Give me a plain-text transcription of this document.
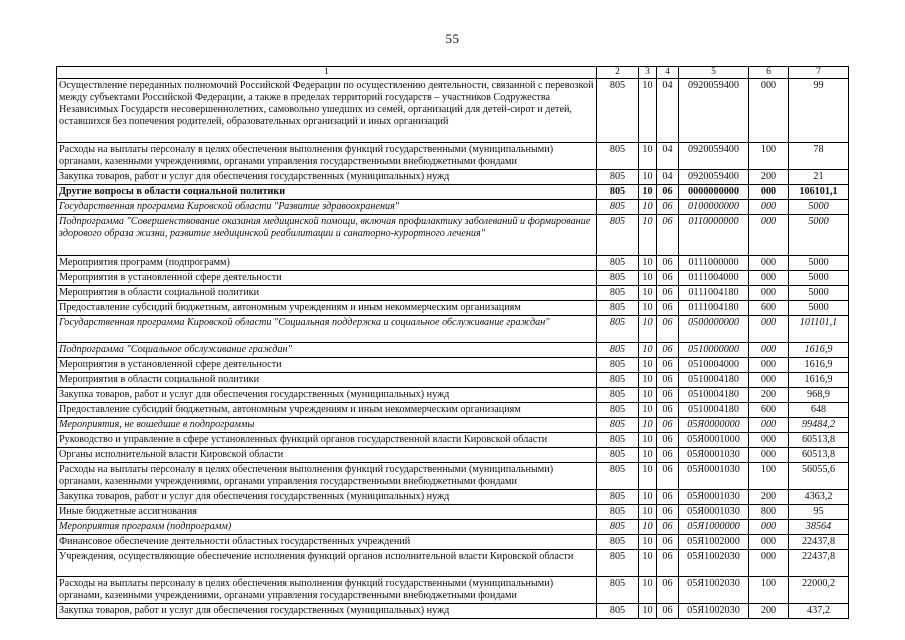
55
1	2	3	4	5	6	7
Осуществление переданных полномочий Российской Федерации по осуществлению деятельности, связанной с перевозкой между субъектами Российской Федерации, а также в пределах территорий государств – участников Содружества Независимых Государств несовершеннолетних, самовольно ушедших из семей, организаций для детей-сирот и детей, оставшихся без попечения родителей, образовательных организаций и иных организаций	805	10	04	0920059400	000	99
Расходы на выплаты персоналу в целях обеспечения выполнения функций государственными (муниципальными) органами, казенными учреждениями, органами управления государственными внебюджетными фондами	805	10	04	0920059400	100	78
Закупка товаров, работ и услуг для обеспечения государственных (муниципальных) нужд	805	10	04	0920059400	200	21
Другие вопросы в области социальной политики	805	10	06	0000000000	000	106101,1
Государственная программа Кировской области "Развитие здравоохранения"	805	10	06	0100000000	000	5000
Подпрограмма "Совершенствование оказания медицинской помощи, включая профилактику заболеваний и формирование здорового образа жизни, развитие медицинской реабилитации и санаторно-курортного лечения"	805	10	06	0110000000	000	5000
Мероприятия программ (подпрограмм)	805	10	06	0111000000	000	5000
Мероприятия в установленной сфере деятельности	805	10	06	0111004000	000	5000
Мероприятия в области социальной политики	805	10	06	0111004180	000	5000
Предоставление субсидий бюджетным, автономным учреждениям и иным некоммерческим организациям	805	10	06	0111004180	600	5000
Государственная программа Кировской области "Социальная поддержка и социальное обслуживание граждан"	805	10	06	0500000000	000	101101,1
Подпрограмма "Социальное обслуживание граждан"	805	10	06	0510000000	000	1616,9
Мероприятия в установленной сфере деятельности	805	10	06	0510004000	000	1616,9
Мероприятия в области социальной политики	805	10	06	0510004180	000	1616,9
Закупка товаров, работ и услуг для обеспечения государственных (муниципальных) нужд	805	10	06	0510004180	200	968,9
Предоставление субсидий бюджетным, автономным учреждениям и иным некоммерческим организациям	805	10	06	0510004180	600	648
Мероприятия, не вошедшие в подпрограммы	805	10	06	05Я0000000	000	99484,2
Руководство и управление в сфере установленных функций органов государственной власти Кировской области	805	10	06	05Я0001000	000	60513,8
Органы исполнительной власти Кировской области	805	10	06	05Я0001030	000	60513,8
Расходы на выплаты персоналу в целях обеспечения выполнения функций государственными (муниципальными) органами, казенными учреждениями, органами управления государственными внебюджетными фондами	805	10	06	05Я0001030	100	56055,6
Закупка товаров, работ и услуг для обеспечения государственных (муниципальных) нужд	805	10	06	05Я0001030	200	4363,2
Иные бюджетные ассигнования	805	10	06	05Я0001030	800	95
Мероприятия программ (подпрограмм)	805	10	06	05Я1000000	000	38564
Финансовое обеспечение деятельности областных государственных учреждений	805	10	06	05Я1002000	000	22437,8
Учреждения, осуществляющие обеспечение исполнения функций органов исполнительной власти Кировской области	805	10	06	05Я1002030	000	22437,8
Расходы на выплаты персоналу в целях обеспечения выполнения функций государственными (муниципальными) органами, казенными учреждениями, органами управления государственными внебюджетными фондами	805	10	06	05Я1002030	100	22000,2
Закупка товаров, работ и услуг для обеспечения государственных (муниципальных) нужд	805	10	06	05Я1002030	200	437,2
